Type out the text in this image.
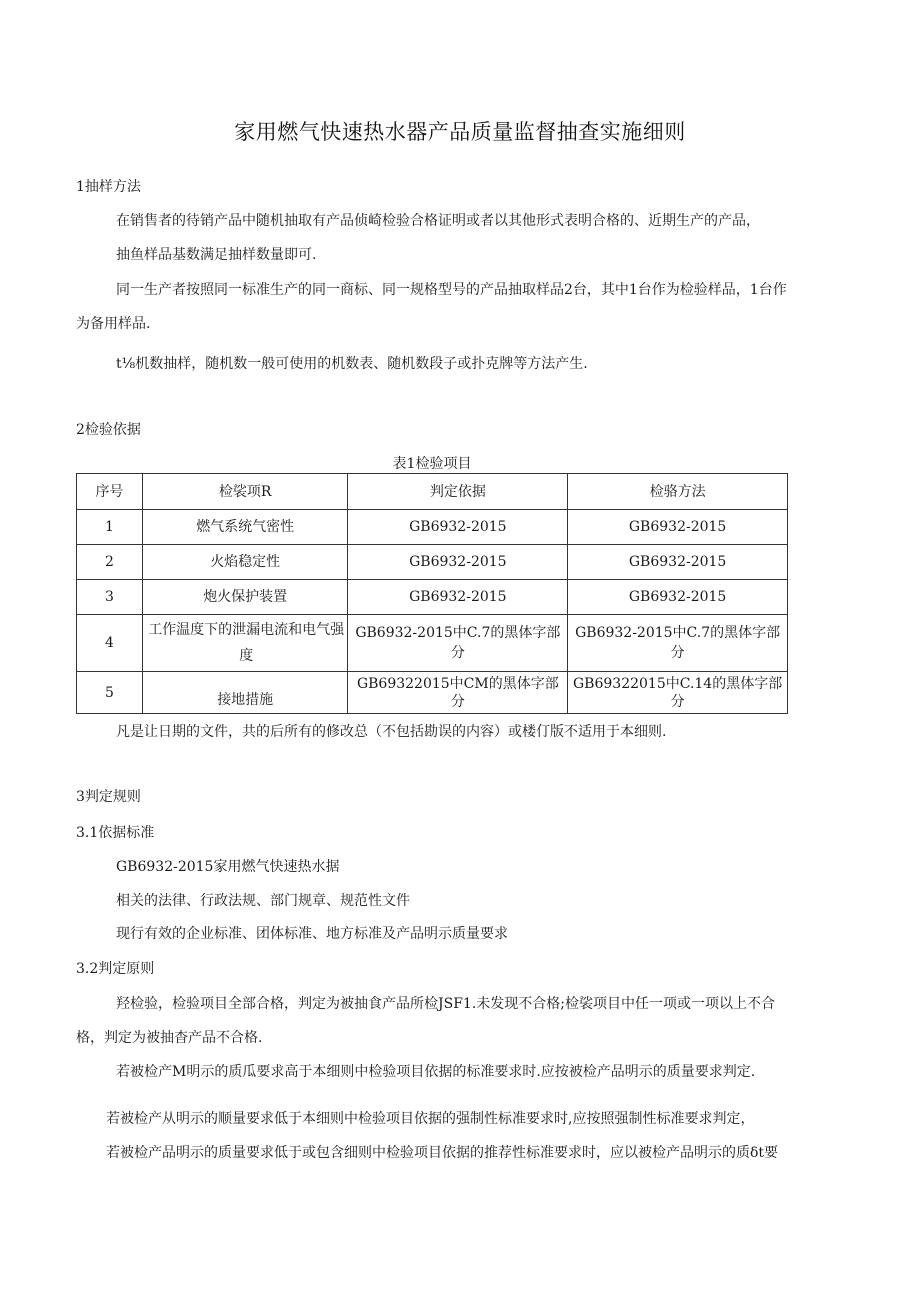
家用燃气快速热水器产品质量监督抽查实施细则
1抽样方法
在销售者的待销产品中随机抽取有产品侦崎检验合格证明或者以其他形式表明合格的、近期生产的产品，
抽鱼样品基数满足抽样数量即可.
同一生产者按照同一标准生产的同一商标、同一规格型号的产品抽取样品2台，其中1台作为检验样品，1台作
为备用样品.
t⅛机数抽样，随机数一般可使用的机数表、随机数段子或扑克牌等方法产生.
2检验依据
表1检验项目
序号	检裟项R	判定依据	检骆方法
1	燃气系统气密性	GB6932-2015	GB6932-2015
2	火焰稳定性	GB6932-2015	GB6932-2015
3	炮火保护装置	GB6932-2015	GB6932-2015
4	工作温度下的泄漏电流和电气强度	GB6932-2015中C.7的黑体字部分	GB6932-2015中C.7的黑体字部分
5	接地措施	GB69322015中CM的黑体字部分	GB69322015中C.14的黑体字部分
凡是让日期的文件，共的后所有的修改总（不包括勘误的内容）或楼仃版不适用于本细则.
3判定规则
3.1依据标准
GB6932-2015家用燃气快速热水据
相关的法律、行政法规、部门规章、规范性文件
现行有效的企业标准、团体标准、地方标准及产品明示质量要求
3.2判定原则
羟检验，检验项目全部合格，判定为被抽食产品所检JSF1.未发现不合格;检裟项目中任一项或一项以上不合
格，判定为被抽杳产品不合格.
若被检产M明示的质瓜要求高于本细则中检验项目依据的标准要求时.应按被检产品明示的质量要求判定.
若被检产从明示的顺量要求低于本细则中检验项目依据的强制性标准要求时,应按照强制性标准要求判定，
若被检产品明示的质量要求低于或包含细则中检验项目依据的推荐性标准要求时，应以被检产品明示的质δt要
